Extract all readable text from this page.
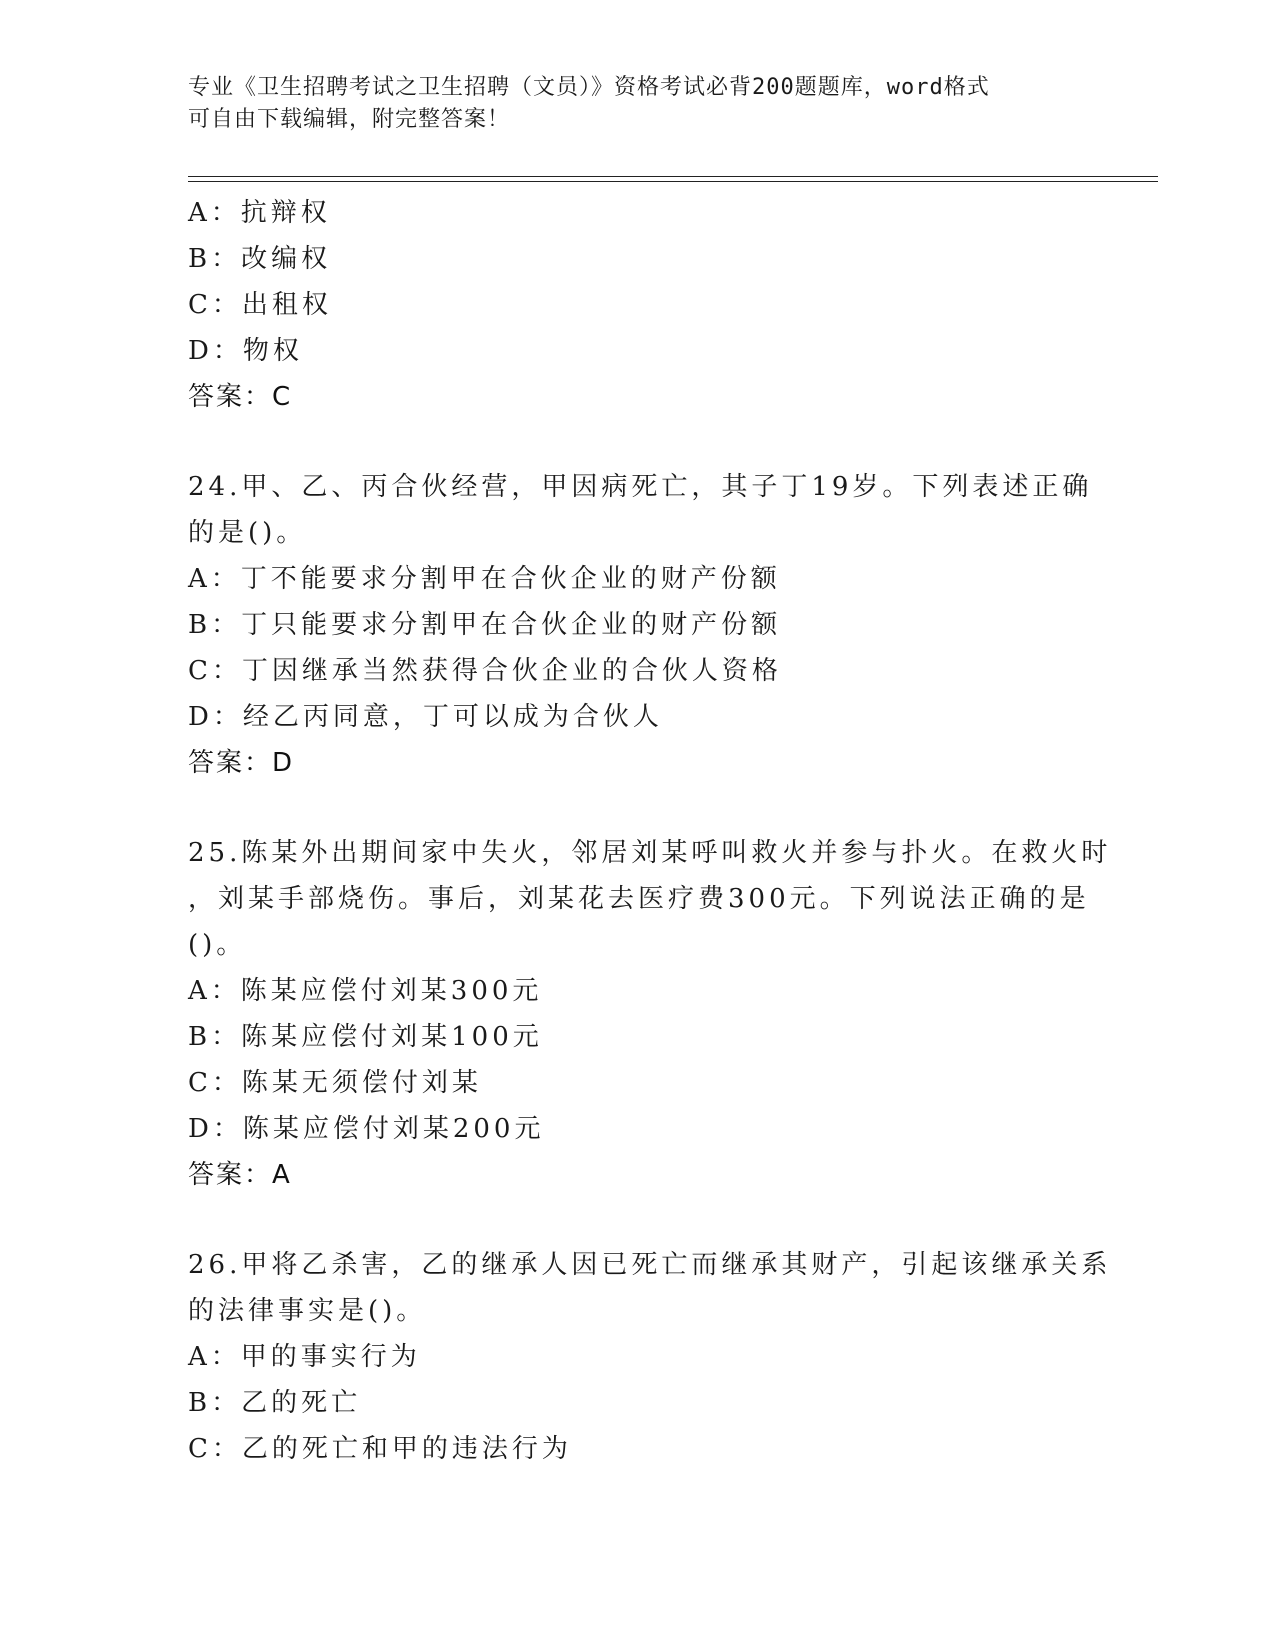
专业《卫生招聘考试之卫生招聘（文员）》资格考试必背200题题库，word格式
可自由下载编辑，附完整答案！
A：抗辩权
B：改编权
C：出租权
D：物权
答案：C
24.甲、乙、丙合伙经营，甲因病死亡，其子丁19岁。下列表述正确
的是()。
A：丁不能要求分割甲在合伙企业的财产份额
B：丁只能要求分割甲在合伙企业的财产份额
C：丁因继承当然获得合伙企业的合伙人资格
D：经乙丙同意，丁可以成为合伙人
答案：D
25.陈某外出期间家中失火，邻居刘某呼叫救火并参与扑火。在救火时
，刘某手部烧伤。事后，刘某花去医疗费300元。下列说法正确的是
()。
A：陈某应偿付刘某300元
B：陈某应偿付刘某100元
C：陈某无须偿付刘某
D：陈某应偿付刘某200元
答案：A
26.甲将乙杀害，乙的继承人因已死亡而继承其财产，引起该继承关系
的法律事实是()。
A：甲的事实行为
B：乙的死亡
C：乙的死亡和甲的违法行为
